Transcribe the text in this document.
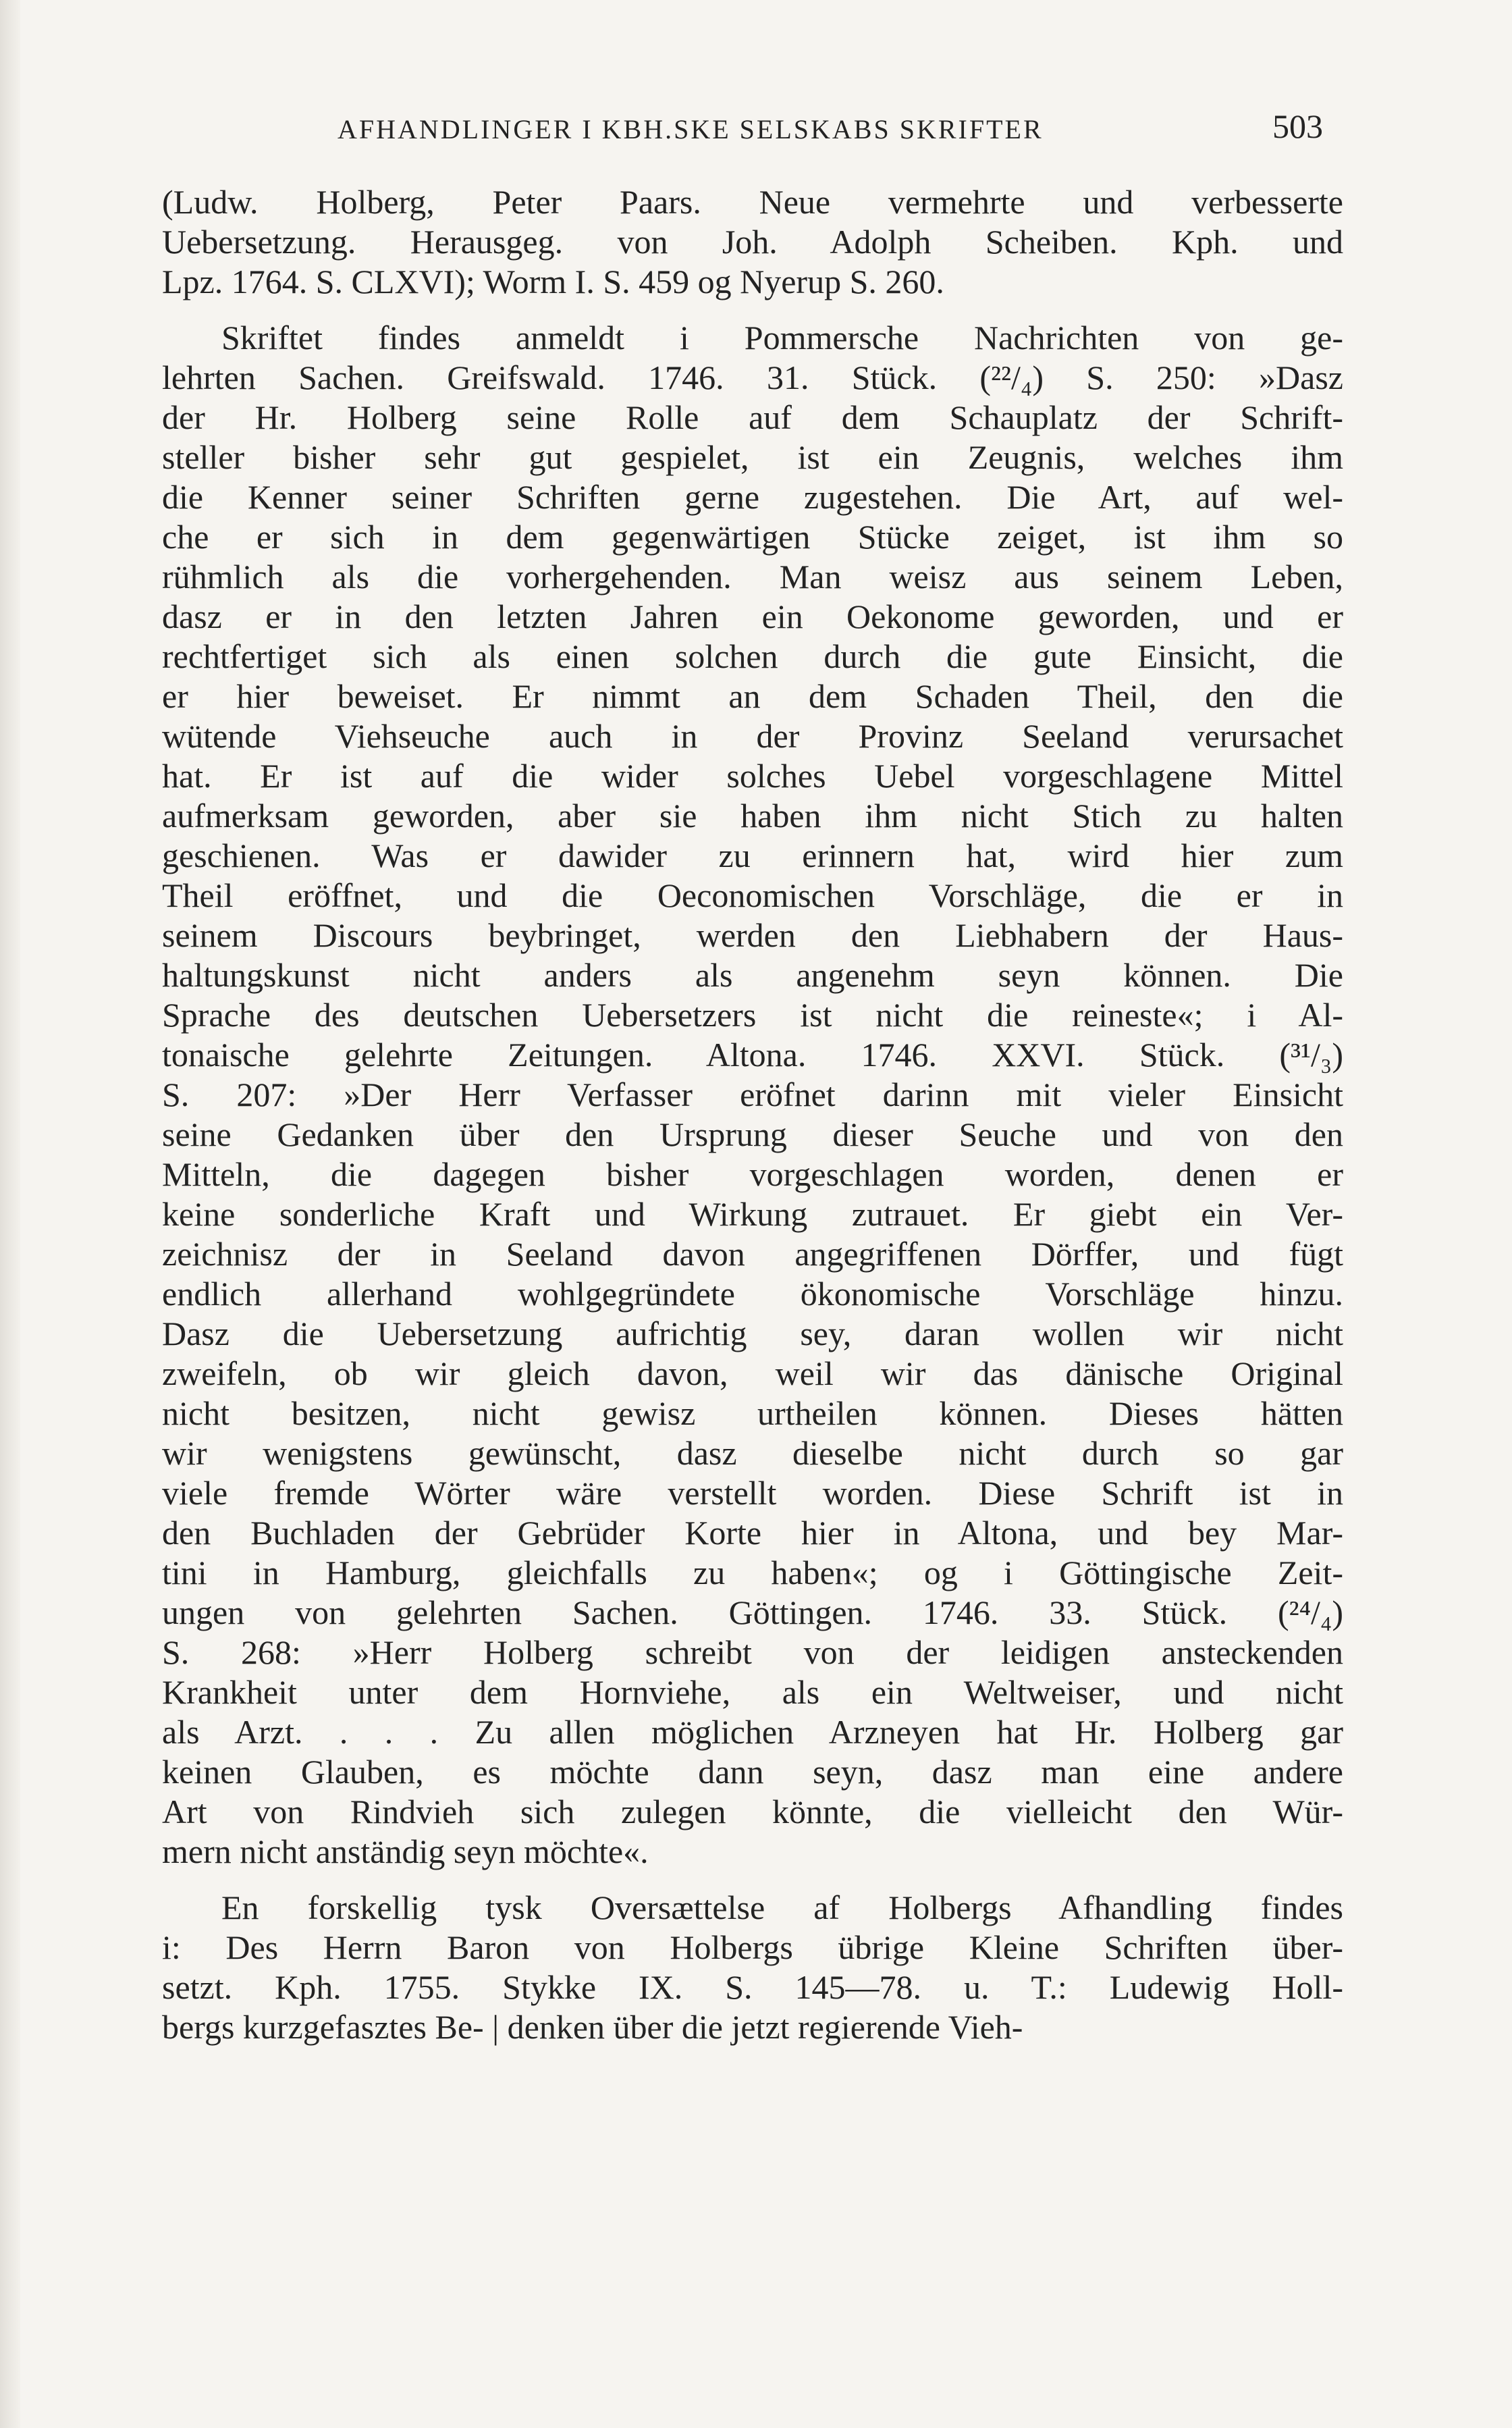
AFHANDLINGER I KBH.SKE SELSKABS SKRIFTER	503
(Ludw. Holberg, Peter Paars. Neue vermehrte und verbesserte
Uebersetzung. Herausgeg. von Joh. Adolph Scheiben. Kph. und
Lpz. 1764. S. CLXVI); Worm I. S. 459 og Nyerup S. 260.
Skriftet findes anmeldt i Pommersche Nachrichten von ge-
lehrten Sachen. Greifswald. 1746. 31. Stück. (²²/₄) S. 250: »Dasz
der Hr. Holberg seine Rolle auf dem Schauplatz der Schrift-
steller bisher sehr gut gespielet, ist ein Zeugnis, welches ihm
die Kenner seiner Schriften gerne zugestehen. Die Art, auf wel-
che er sich in dem gegenwärtigen Stücke zeiget, ist ihm so
rühmlich als die vorhergehenden. Man weisz aus seinem Leben,
dasz er in den letzten Jahren ein Oekonome geworden, und er
rechtfertiget sich als einen solchen durch die gute Einsicht, die
er hier beweiset. Er nimmt an dem Schaden Theil, den die
wütende Viehseuche auch in der Provinz Seeland verursachet
hat. Er ist auf die wider solches Uebel vorgeschlagene Mittel
aufmerksam geworden, aber sie haben ihm nicht Stich zu halten
geschienen. Was er dawider zu erinnern hat, wird hier zum
Theil eröffnet, und die Oeconomischen Vorschläge, die er in
seinem Discours beybringet, werden den Liebhabern der Haus-
haltungskunst nicht anders als angenehm seyn können. Die
Sprache des deutschen Uebersetzers ist nicht die reineste«; i Al-
tonaische gelehrte Zeitungen. Altona. 1746. XXVI. Stück. (³¹/₃)
S. 207: »Der Herr Verfasser eröfnet darinn mit vieler Einsicht
seine Gedanken über den Ursprung dieser Seuche und von den
Mitteln, die dagegen bisher vorgeschlagen worden, denen er
keine sonderliche Kraft und Wirkung zutrauet. Er giebt ein Ver-
zeichnisz der in Seeland davon angegriffenen Dörffer, und fügt
endlich allerhand wohlgegründete ökonomische Vorschläge hinzu.
Dasz die Uebersetzung aufrichtig sey, daran wollen wir nicht
zweifeln, ob wir gleich davon, weil wir das dänische Original
nicht besitzen, nicht gewisz urtheilen können. Dieses hätten
wir wenigstens gewünscht, dasz dieselbe nicht durch so gar
viele fremde Wörter wäre verstellt worden. Diese Schrift ist in
den Buchladen der Gebrüder Korte hier in Altona, und bey Mar-
tini in Hamburg, gleichfalls zu haben«; og i Göttingische Zeit-
ungen von gelehrten Sachen. Göttingen. 1746. 33. Stück. (²⁴/₄)
S. 268: »Herr Holberg schreibt von der leidigen ansteckenden
Krankheit unter dem Hornviehe, als ein Weltweiser, und nicht
als Arzt. . . . Zu allen möglichen Arzneyen hat Hr. Holberg gar
keinen Glauben, es möchte dann seyn, dasz man eine andere
Art von Rindvieh sich zulegen könnte, die vielleicht den Wür-
mern nicht anständig seyn möchte«.
En forskellig tysk Oversættelse af Holbergs Afhandling findes
i: Des Herrn Baron von Holbergs übrige Kleine Schriften über-
setzt. Kph. 1755. Stykke IX. S. 145—78. u. T.: Ludewig Holl-
bergs kurzgefasztes Be- | denken über die jetzt regierende Vieh-
